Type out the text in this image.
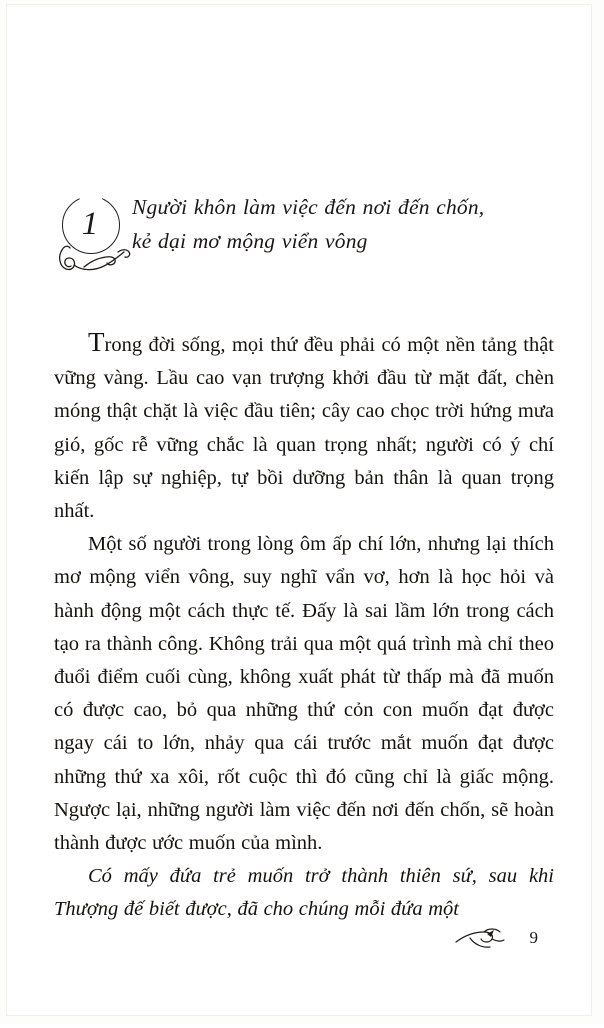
1	Người khôn làm việc đến nơi đến chốn,
kẻ dại mơ mộng viển vông

Trong đời sống, mọi thứ đều phải có một nền tảng thật vững vàng. Lầu cao vạn trượng khởi đầu từ mặt đất, chèn móng thật chặt là việc đầu tiên; cây cao chọc trời hứng mưa gió, gốc rễ vững chắc là quan trọng nhất; người có ý chí kiến lập sự nghiệp, tự bồi dưỡng bản thân là quan trọng nhất.

Một số người trong lòng ôm ấp chí lớn, nhưng lại thích mơ mộng viển vông, suy nghĩ vẩn vơ, hơn là học hỏi và hành động một cách thực tế. Đấy là sai lầm lớn trong cách tạo ra thành công. Không trải qua một quá trình mà chỉ theo đuổi điểm cuối cùng, không xuất phát từ thấp mà đã muốn có được cao, bỏ qua những thứ cỏn con muốn đạt được ngay cái to lớn, nhảy qua cái trước mắt muốn đạt được những thứ xa xôi, rốt cuộc thì đó cũng chỉ là giấc mộng. Ngược lại, những người làm việc đến nơi đến chốn, sẽ hoàn thành được ước muốn của mình.

Có mấy đứa trẻ muốn trở thành thiên sứ, sau khi Thượng đế biết được, đã cho chúng mỗi đứa một

9
